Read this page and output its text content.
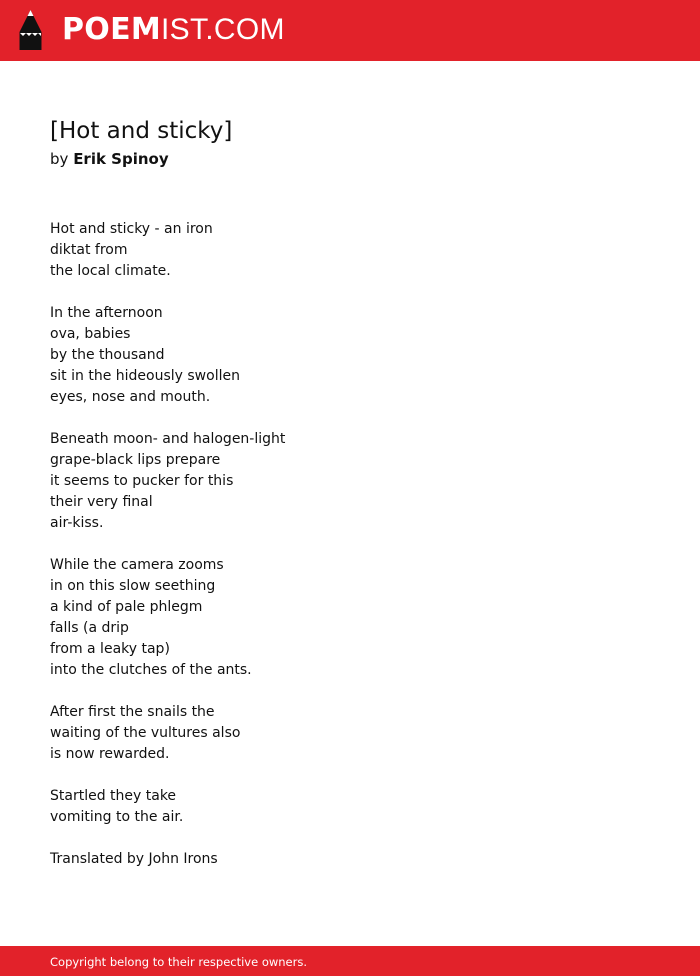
POEMIST.COM
[Hot and sticky]
by Erik Spinoy
Hot and sticky - an iron
diktat from
the local climate.
In the afternoon
ova, babies
by the thousand
sit in the hideously swollen
eyes, nose and mouth.
Beneath moon- and halogen-light
grape-black lips prepare
it seems to pucker for this
their very final
air-kiss.
While the camera zooms
in on this slow seething
a kind of pale phlegm
falls (a drip
from a leaky tap)
into the clutches of the ants.
After first the snails the
waiting of the vultures also
is now rewarded.
Startled they take
vomiting to the air.
Translated by John Irons
Copyright belong to their respective owners.
